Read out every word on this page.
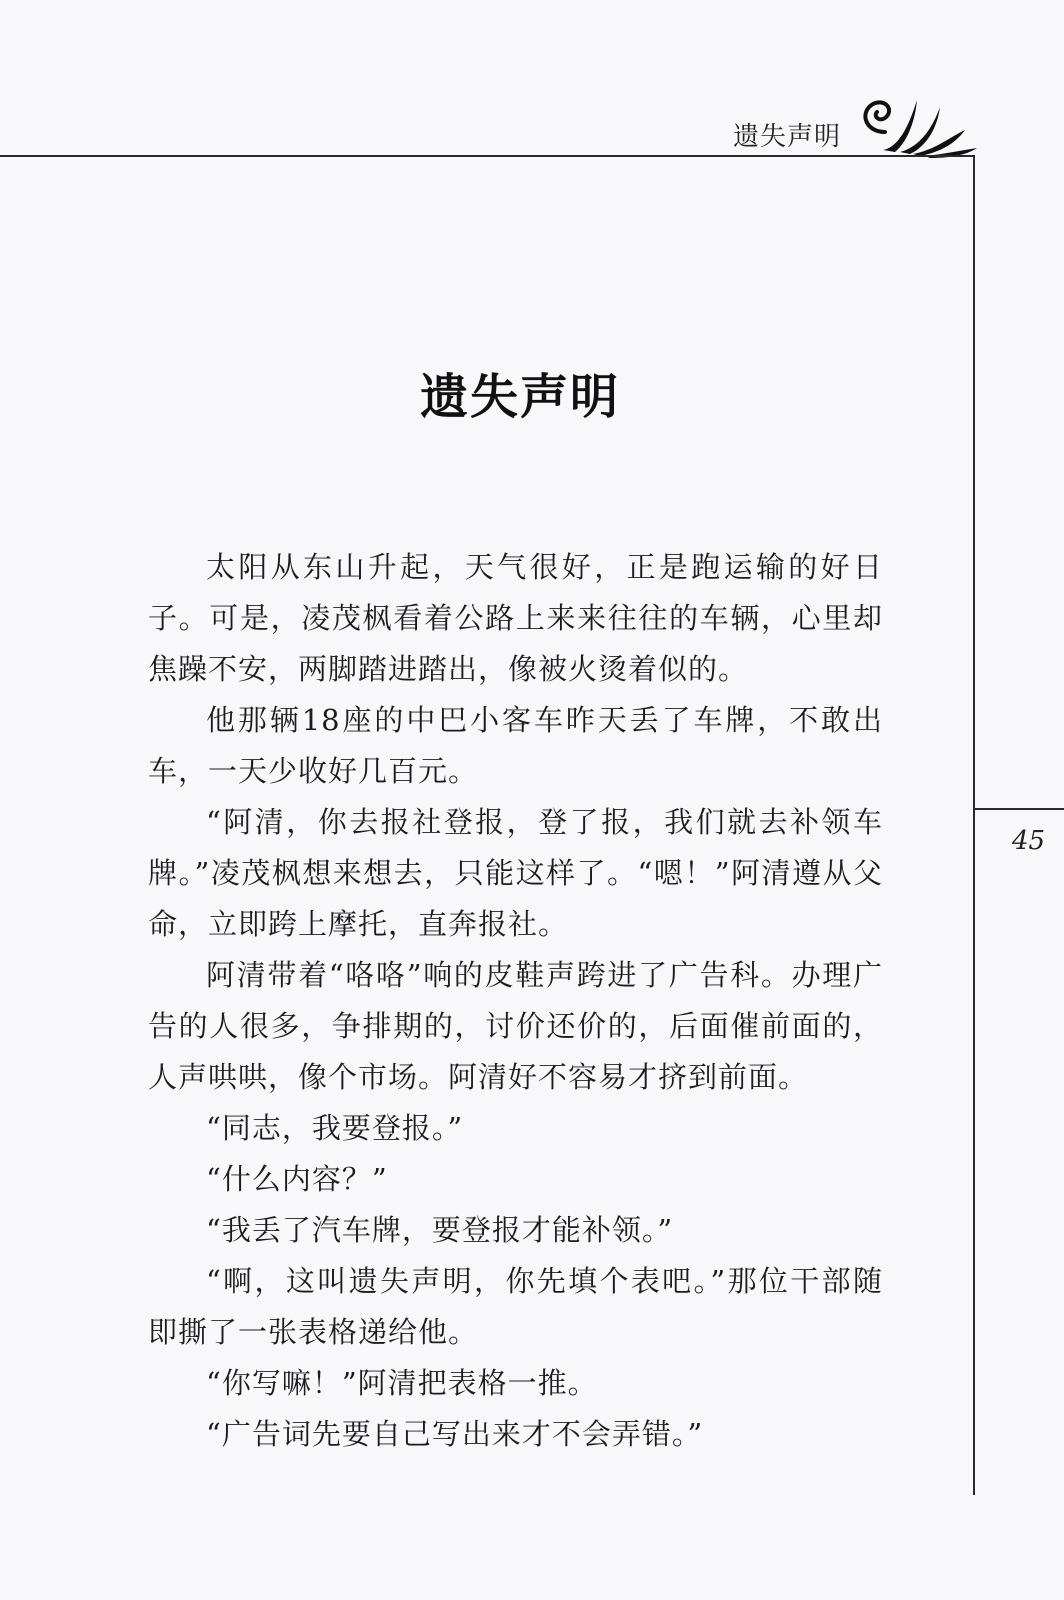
遗失声明
45
遗失声明

太阳从东山升起，天气很好，正是跑运输的好日子。可是，凌茂枫看着公路上来来往往的车辆，心里却焦躁不安，两脚踏进踏出，像被火烫着似的。

他那辆18座的中巴小客车昨天丢了车牌，不敢出车，一天少收好几百元。

“阿清，你去报社登报，登了报，我们就去补领车牌。”凌茂枫想来想去，只能这样了。“嗯！”阿清遵从父命，立即跨上摩托，直奔报社。

阿清带着“咯咯”响的皮鞋声跨进了广告科。办理广告的人很多，争排期的，讨价还价的，后面催前面的，人声哄哄，像个市场。阿清好不容易才挤到前面。

“同志，我要登报。”

“什么内容？”

“我丢了汽车牌，要登报才能补领。”

“啊，这叫遗失声明，你先填个表吧。”那位干部随即撕了一张表格递给他。

“你写嘛！”阿清把表格一推。

“广告词先要自己写出来才不会弄错。”
